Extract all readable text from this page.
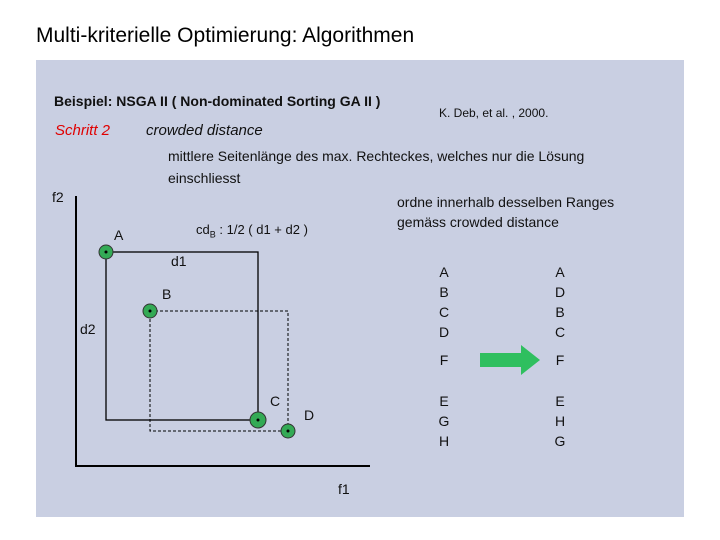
Multi-kriterielle Optimierung: Algorithmen
Beispiel: NSGA II ( Non-dominated Sorting GA II )
K. Deb, et al. , 2000.
Schritt 2 crowded distance
mittlere Seitenlänge des max. Rechteckes, welches nur die Lösung einschliesst
f2
f1
A
B
C
D
d1
d2
$cd_B$ : 1/2 ( d1 + d2 )
ordne innerhalb desselben Ranges gemäss crowded distance
A
B
C
D
F
E
G
H
A
D
B
C
F
E
H
G
